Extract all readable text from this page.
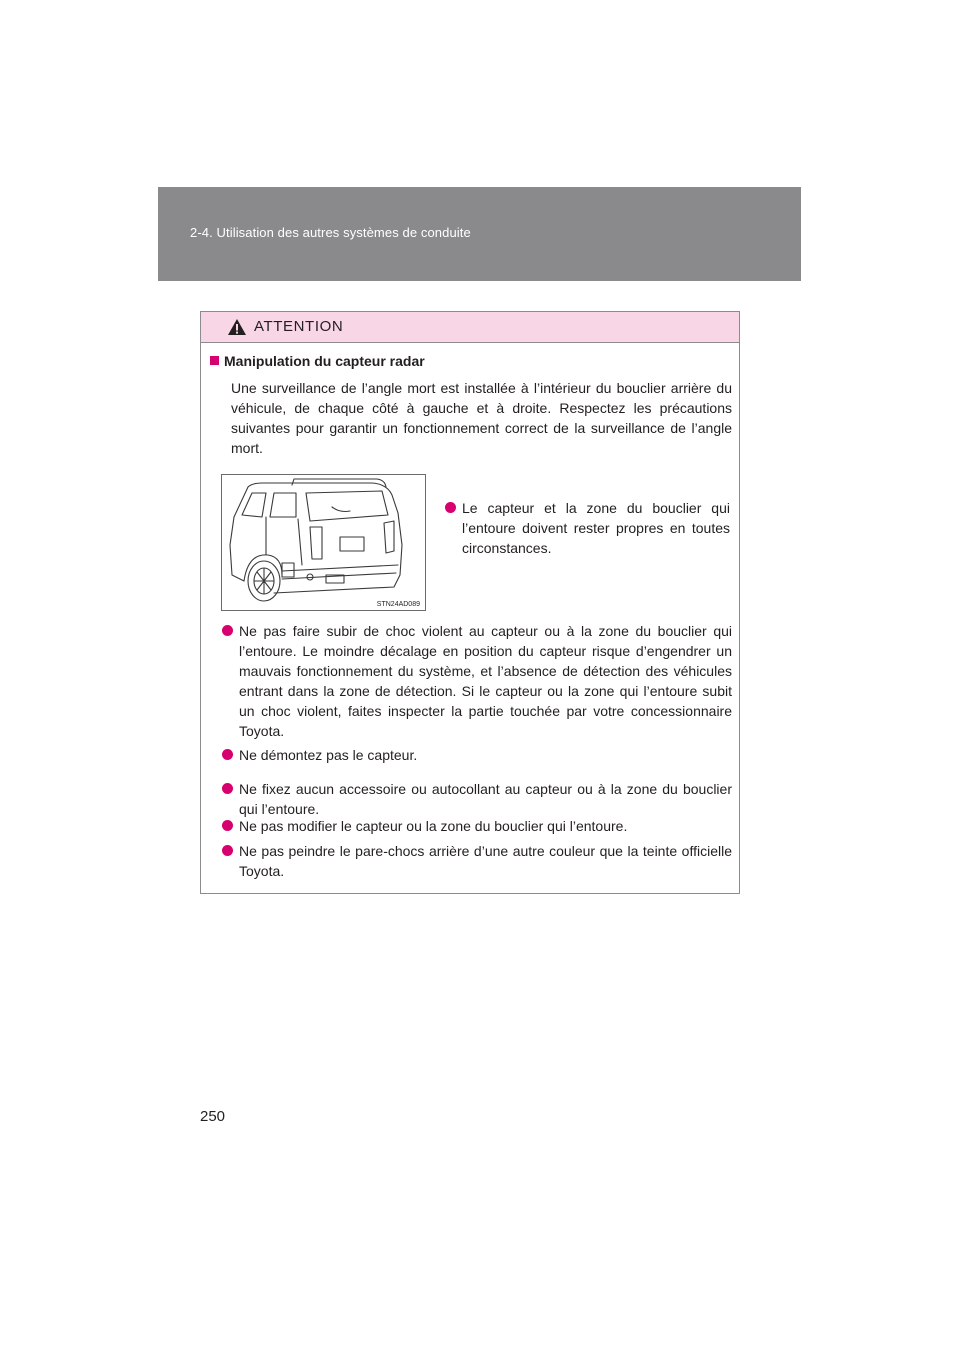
2-4. Utilisation des autres systèmes de conduite
ATTENTION
Manipulation du capteur radar
Une surveillance de l’angle mort est installée à l’intérieur du bouclier arrière du véhicule, de chaque côté à gauche et à droite. Respectez les précautions suivantes pour garantir un fonctionnement correct de la surveillance de l’angle mort.
STN24AD089
Le capteur et la zone du bouclier qui l’entoure doivent rester propres en toutes circonstances.
Ne pas faire subir de choc violent au capteur ou à la zone du bouclier qui l’entoure. Le moindre décalage en position du capteur risque d’engendrer un mauvais fonctionnement du système, et l’absence de détection des véhicules entrant dans la zone de détection. Si le capteur ou la zone qui l’entoure subit un choc violent, faites inspecter la partie touchée par votre concessionnaire Toyota.
Ne démontez pas le capteur.
Ne fixez aucun accessoire ou autocollant au capteur ou à la zone du bouclier qui l’entoure.
Ne pas modifier le capteur ou la zone du bouclier qui l’entoure.
Ne pas peindre le pare-chocs arrière d’une autre couleur que la teinte officielle Toyota.
250
